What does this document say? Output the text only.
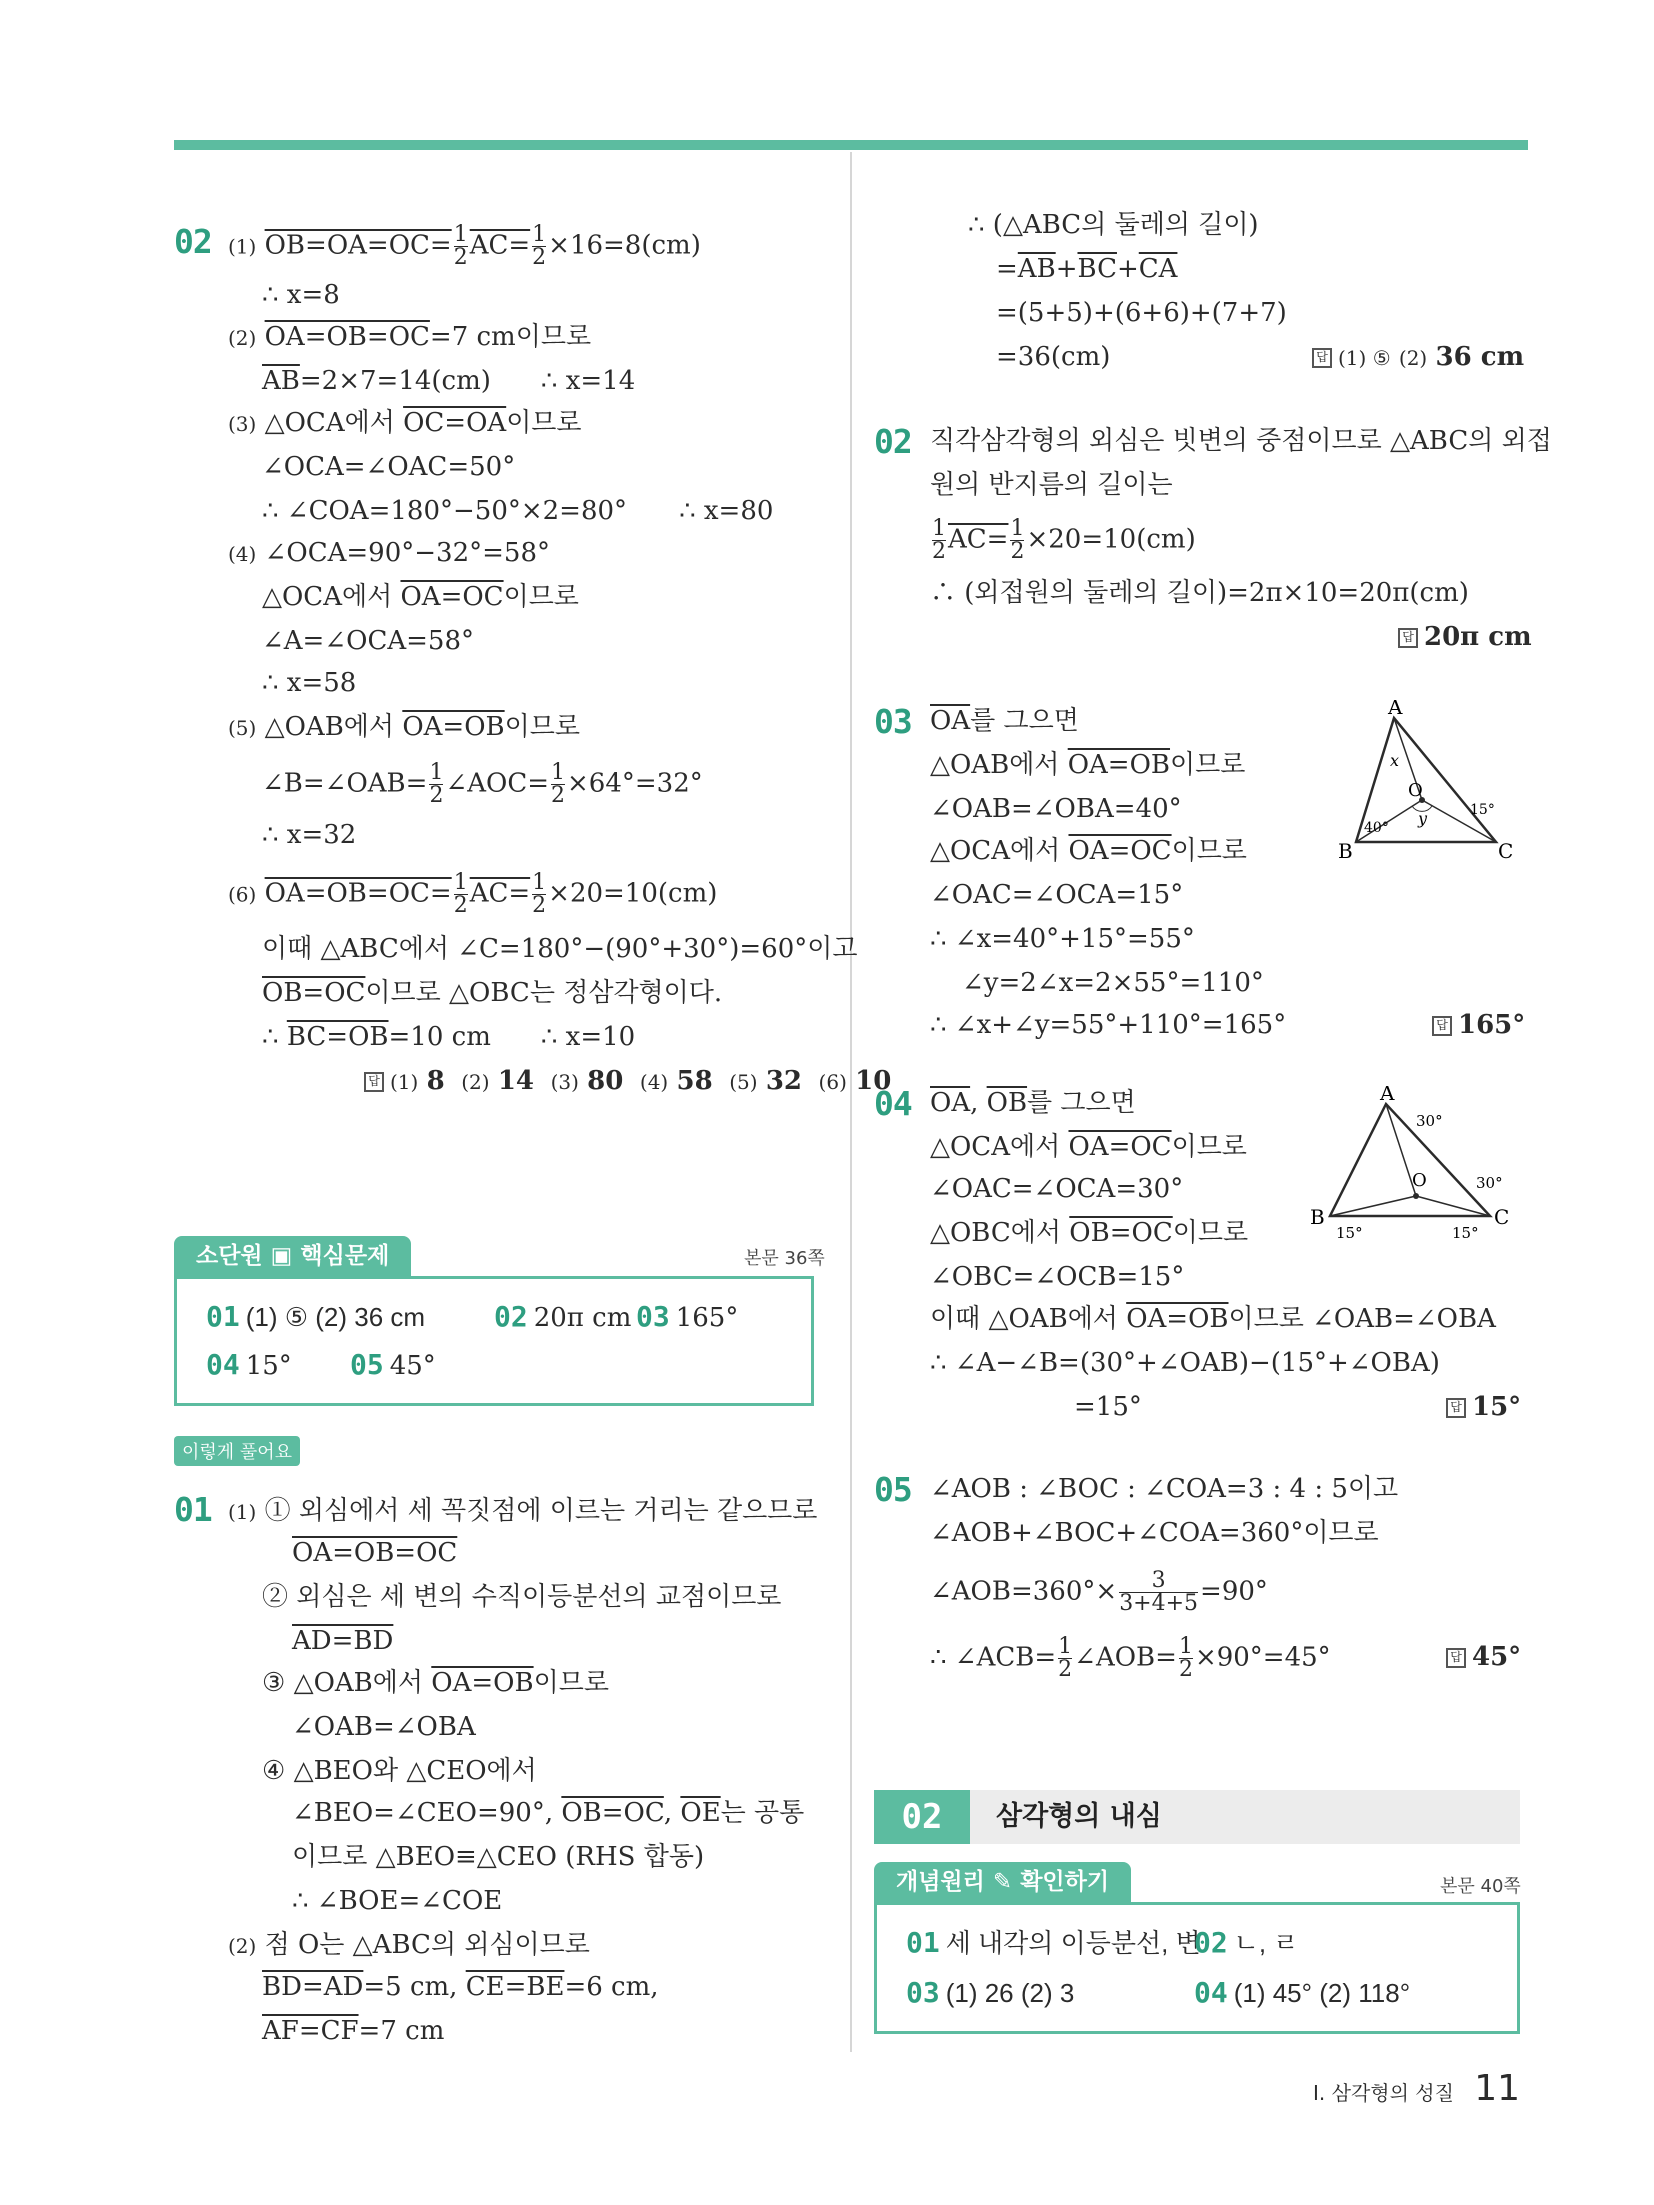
02 (1) $OB=OA=OC= \frac{1}{2} AC= \frac{1}{2} \times 16=8(cm)$
∴ x=8
(2) OA=OB=OC=7 cm이므로
$\overline{AB}=2\times 7=14(cm)$ ∴ x=14
(3) △OCA에서 OC=OA이므로
∠OCA=∠OAC=50°
∴ ∠COA=180°−50°×2=80° ∴ x=80
(4) ∠OCA=90°−32°=58°
△OCA에서 OA=OC이므로
∠A=∠OCA=58°
∴ x=58
(5) △OAB에서 OA=OB이므로
∠B=∠OAB= $\frac{1}{2}$ ∠AOC= $\frac{1}{2} \times 64^\circ=32^\circ$
∴ x=32
(6) $OA=OB=OC= \frac{1}{2} AC= \frac{1}{2} \times 20=10(cm)$
이때 △ABC에서 ∠C=180°−(90°+30°)=60°이고
OB=OC이므로 △OBC는 정삼각형이다.
∴ BC=OB=10 cm ∴ x=10
답 (1) 8 (2) 14 (3) 80 (4) 58 (5) 32 (6) 10
소단원 ▣ 핵심문제	본문 36쪽
01 (1) ⑤ (2) 36 cm 02 20π cm 03 165°
04 15° 05 45°
이렇게 풀어요
01 (1) ① 외심에서 세 꼭짓점에 이르는 거리는 같으므로
OA=OB=OC
② 외심은 세 변의 수직이등분선의 교점이므로
AD=BD
③ △OAB에서 OA=OB이므로
∠OAB=∠OBA
④ △BEO와 △CEO에서
∠BEO=∠CEO=90°, OB=OC, $\overline{OE}$는 공통
이므로 △BEO≡△CEO (RHS 합동)
∴ ∠BOE=∠COE
(2) 점 O는 △ABC의 외심이므로
BD=AD=5 cm, CE=BE=6 cm,
AF=CF=7 cm
∴ (△ABC의 둘레의 길이)
$=\overline{AB}+\overline{BC}+\overline{CA}$
=(5+5)+(6+6)+(7+7)
=36(cm)	답 (1) ⑤ (2) 36 cm
02 직각삼각형의 외심은 빗변의 중점이므로 △ABC의 외접
원의 반지름의 길이는
$\frac{1}{2} AC= \frac{1}{2} \times 20=10(cm)$
∴ (외접원의 둘레의 길이)=2π×10=20π(cm)
답 20π cm
03 $\overline{OA}$를 그으면
△OAB에서 OA=OB이므로
∠OAB=∠OBA=40°
△OCA에서 OA=OC이므로
∠OAC=∠OCA=15°
∴ ∠x=40°+15°=55°
∠y=2∠x=2×55°=110°
∴ ∠x+∠y=55°+110°=165°	답 165°
A
B	C
O
x
y
40°
15°
04 $\overline{OA}$, $\overline{OB}$를 그으면
△OCA에서 OA=OC이므로
∠OAC=∠OCA=30°
△OBC에서 OB=OC이므로
∠OBC=∠OCB=15°
이때 △OAB에서 OA=OB이므로 ∠OAB=∠OBA
∴ ∠A−∠B=(30°+∠OAB)−(15°+∠OBA)
=15°	답 15°
A
B	C
O
30°
30°
15°	15°
05 ∠AOB : ∠BOC : ∠COA=3 : 4 : 5이고
∠AOB+∠BOC+∠COA=360°이므로
∠AOB=360°× $\frac{3}{3+4+5} =90^\circ$
∴ ∠ACB= $\frac{1}{2}$ ∠AOB= $\frac{1}{2} \times 90^\circ=45^\circ$	답 45°
02	삼각형의 내심
개념원리 ✎ 확인하기	본문 40쪽
01 세 내각의 이등분선, 변
02 ㄴ, ㄹ
03 (1) 26 (2) 3	04 (1) 45° (2) 118°
I. 삼각형의 성질 11
